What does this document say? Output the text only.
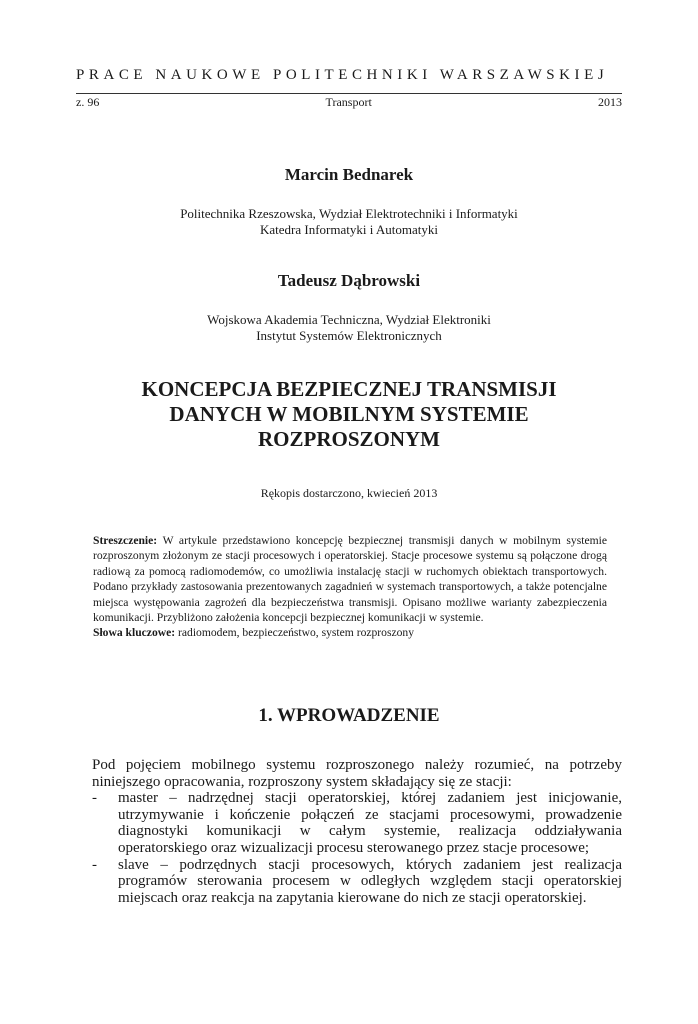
PRACE NAUKOWE POLITECHNIKI WARSZAWSKIEJ
z. 96	Transport	2013
Marcin Bednarek
Politechnika Rzeszowska, Wydział Elektrotechniki i Informatyki
Katedra Informatyki i Automatyki
Tadeusz Dąbrowski
Wojskowa Akademia Techniczna, Wydział Elektroniki
Instytut Systemów Elektronicznych
KONCEPCJA BEZPIECZNEJ TRANSMISJI
DANYCH W MOBILNYM SYSTEMIE
ROZPROSZONYM
Rękopis dostarczono, kwiecień 2013

Streszczenie: W artykule przedstawiono koncepcję bezpiecznej transmisji danych w mobilnym systemie rozproszonym złożonym ze stacji procesowych i operatorskiej. Stacje procesowe systemu są połączone drogą radiową za pomocą radiomodemów, co umożliwia instalację stacji w ruchomych obiektach transportowych. Podano przykłady zastosowania prezentowanych zagadnień w systemach transportowych, a także potencjalne miejsca występowania zagrożeń dla bezpieczeństwa transmisji. Opisano możliwe warianty zabezpieczenia komunikacji. Przybliżono założenia koncepcji bezpiecznej komunikacji w systemie.

Słowa kluczowe: radiomodem, bezpieczeństwo, system rozproszony

1. WPROWADZENIE

Pod pojęciem mobilnego systemu rozproszonego należy rozumieć, na potrzeby niniejszego opracowania, rozproszony system składający się ze stacji:

- master – nadrzędnej stacji operatorskiej, której zadaniem jest inicjowanie, utrzymywanie i kończenie połączeń ze stacjami procesowymi, prowadzenie diagnostyki komunikacji w całym systemie, realizacja oddziaływania operatorskiego oraz wizualizacji procesu sterowanego przez stacje procesowe;
- slave – podrzędnych stacji procesowych, których zadaniem jest realizacja programów sterowania procesem w odległych względem stacji operatorskiej miejscach oraz reakcja na zapytania kierowane do nich ze stacji operatorskiej.
